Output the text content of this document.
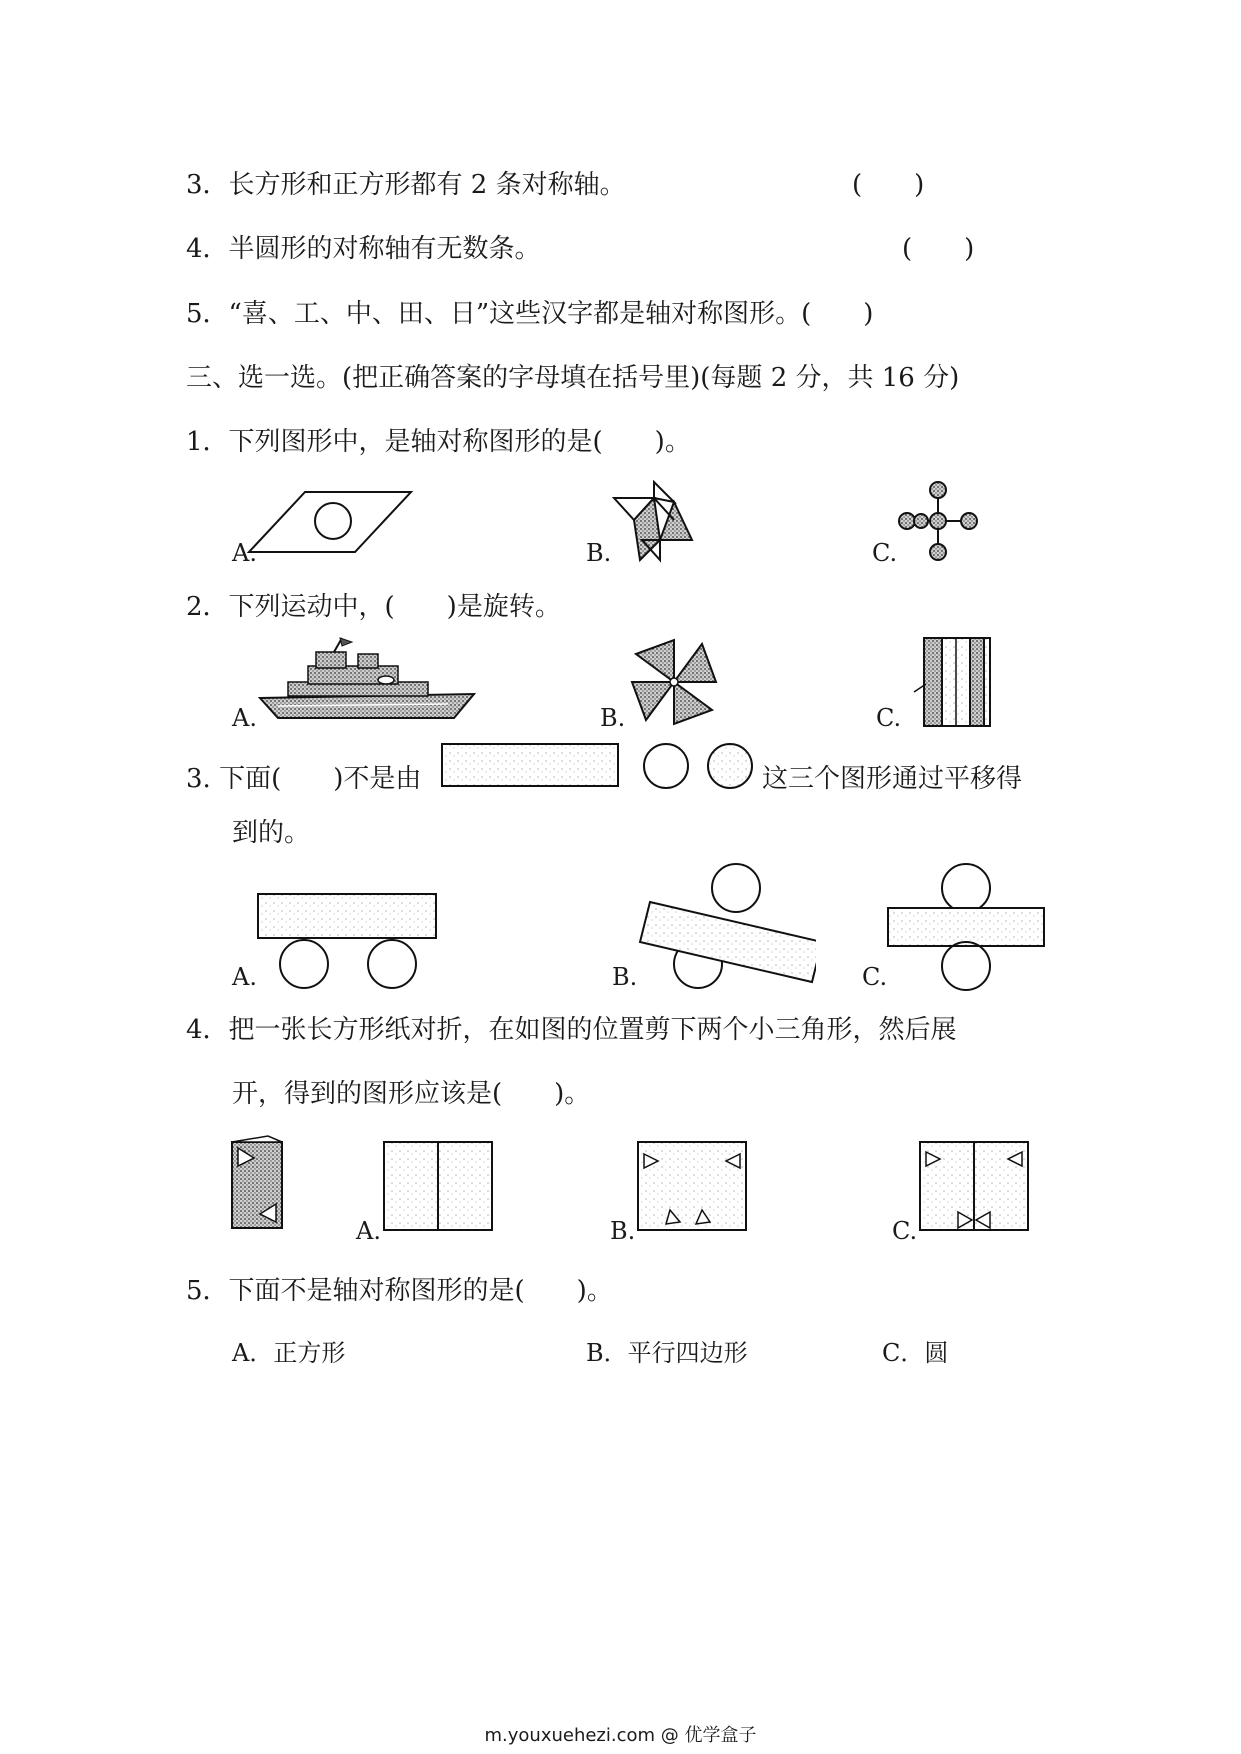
3．长方形和正方形都有 2 条对称轴。	(　　)
4．半圆形的对称轴有无数条。	(　　)
5．“喜、工、中、田、日”这些汉字都是轴对称图形。(　　)
三、选一选。(把正确答案的字母填在括号里)(每题 2 分，共 16 分)
1．下列图形中，是轴对称图形的是(　　)。
A.	B.	C.
2．下列运动中，(　　)是旋转。
A.	B.	C.
3. 下面(　　)不是由	这三个图形通过平移得
到的。
A.	B.	C.
4．把一张长方形纸对折，在如图的位置剪下两个小三角形，然后展
开，得到的图形应该是(　　)。
A.	B.	C.
5．下面不是轴对称图形的是(　　)。
A．正方形	B．平行四边形	C．圆
m.youxuehezi.com @ 优学盒子
